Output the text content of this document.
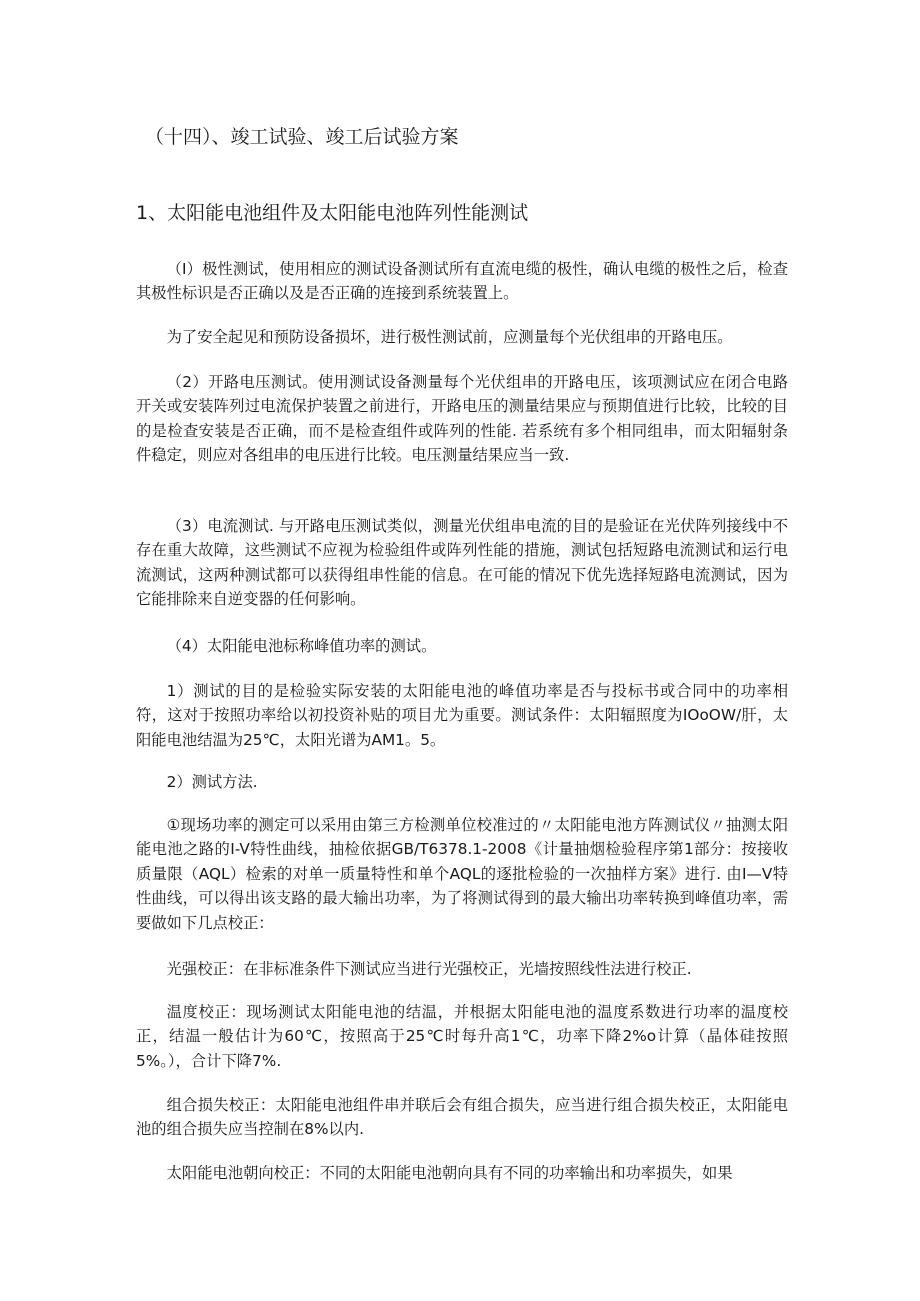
（十四）、竣工试验、竣工后试验方案
1、太阳能电池组件及太阳能电池阵列性能测试

（I）极性测试，使用相应的测试设备测试所有直流电缆的极性，确认电缆的极性之后，检查其极性标识是否正确以及是否正确的连接到系统装置上。

为了安全起见和预防设备损坏，进行极性测试前，应测量每个光伏组串的开路电压。

（2）开路电压测试。使用测试设备测量每个光伏组串的开路电压，该项测试应在闭合电路开关或安装阵列过电流保护装置之前进行，开路电压的测量结果应与预期值进行比较，比较的目的是检查安装是否正确，而不是检查组件或阵列的性能. 若系统有多个相同组串，而太阳辐射条件稳定，则应对各组串的电压进行比较。电压测量结果应当一致.

（3）电流测试. 与开路电压测试类似，测量光伏组串电流的目的是验证在光伏阵列接线中不存在重大故障，这些测试不应视为检验组件或阵列性能的措施，测试包括短路电流测试和运行电流测试，这两种测试都可以获得组串性能的信息。在可能的情况下优先选择短路电流测试，因为它能排除来自逆变器的任何影响。

（4）太阳能电池标称峰值功率的测试。

1）测试的目的是检验实际安装的太阳能电池的峰值功率是否与投标书或合同中的功率相符，这对于按照功率给以初投资补贴的项目尤为重要。测试条件：太阳辐照度为IOoOW/肝，太阳能电池结温为25℃，太阳光谱为AM1。5。

2）测试方法.

①现场功率的测定可以采用由第三方检测单位校准过的〃太阳能电池方阵测试仪〃抽测太阳能电池之路的I-V特性曲线，抽检依据GB/T6378.1-2008《计量抽烟检验程序第1部分：按接收质量限（AQL）检索的对单一质量特性和单个AQL的逐批检验的一次抽样方案》进行. 由I—V特性曲线，可以得出该支路的最大输出功率，为了将测试得到的最大输出功率转换到峰值功率，需要做如下几点校正：

光强校正：在非标准条件下测试应当进行光强校正，光墙按照线性法进行校正.

温度校正：现场测试太阳能电池的结温，并根据太阳能电池的温度系数进行功率的温度校正，结温一般估计为60℃，按照高于25℃时每升高1℃，功率下降2%o计算（晶体硅按照5%。），合计下降7%.

组合损失校正：太阳能电池组件串并联后会有组合损失，应当进行组合损失校正，太阳能电池的组合损失应当控制在8%以内.

太阳能电池朝向校正：不同的太阳能电池朝向具有不同的功率输出和功率损失，如果
